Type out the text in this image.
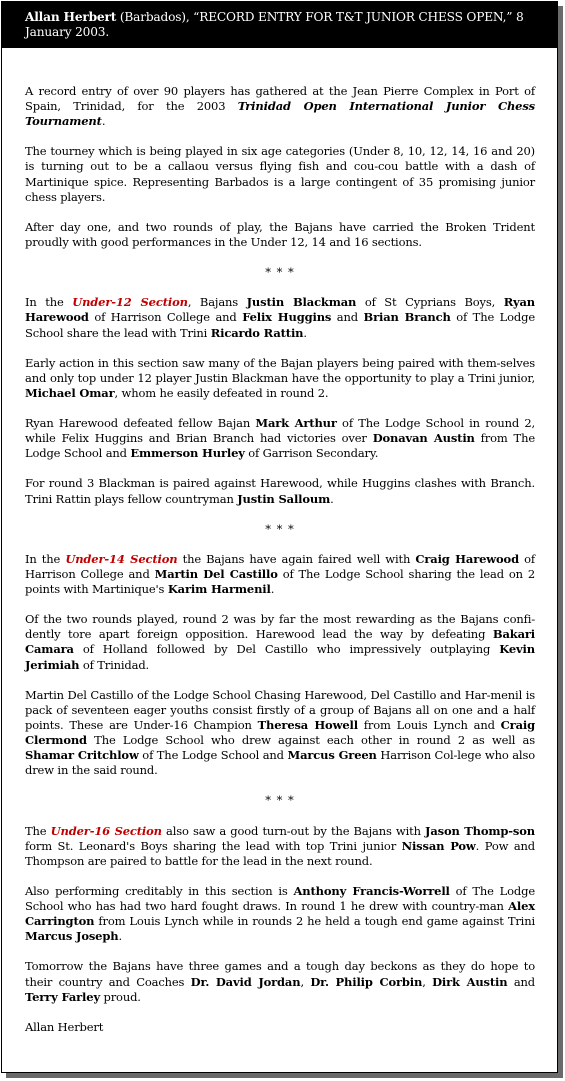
Allan Herbert (Barbados), “RECORD ENTRY FOR T&T JUNIOR CHESS OPEN,” 8 January 2003.

A record entry of over 90 players has gathered at the Jean Pierre Complex in Port of Spain, Trinidad, for the 2003 Trinidad Open International Junior Chess Tournament.

The tourney which is being played in six age categories (Under 8, 10, 12, 14, 16 and 20) is turning out to be a callaou versus flying fish and cou-cou battle with a dash of Martinique spice. Representing Barbados is a large contingent of 35 promising junior chess players.

After day one, and two rounds of play, the Bajans have carried the Broken Trident proudly with good performances in the Under 12, 14 and 16 sections.

* * *

In the Under-12 Section, Bajans Justin Blackman of St Cyprians Boys, Ryan Harewood of Harrison College and Felix Huggins and Brian Branch of The Lodge School share the lead with Trini Ricardo Rattin.

Early action in this section saw many of the Bajan players being paired with them-selves and only top under 12 player Justin Blackman have the opportunity to play a Trini junior, Michael Omar, whom he easily defeated in round 2.

Ryan Harewood defeated fellow Bajan Mark Arthur of The Lodge School in round 2, while Felix Huggins and Brian Branch had victories over Donavan Austin from The Lodge School and Emmerson Hurley of Garrison Secondary.

For round 3 Blackman is paired against Harewood, while Huggins clashes with Branch. Trini Rattin plays fellow countryman Justin Salloum.

* * *

In the Under-14 Section the Bajans have again faired well with Craig Harewood of Harrison College and Martin Del Castillo of The Lodge School sharing the lead on 2 points with Martinique's Karim Harmenil.

Of the two rounds played, round 2 was by far the most rewarding as the Bajans confi-dently tore apart foreign opposition. Harewood lead the way by defeating Bakari Camara of Holland followed by Del Castillo who impressively outplaying Kevin Jerimiah of Trinidad.

Martin Del Castillo of the Lodge School Chasing Harewood, Del Castillo and Har-menil is pack of seventeen eager youths consist firstly of a group of Bajans all on one and a half points. These are Under-16 Champion Theresa Howell from Louis Lynch and Craig Clermond The Lodge School who drew against each other in round 2 as well as Shamar Critchlow of The Lodge School and Marcus Green Harrison Col-lege who also drew in the said round.

* * *

The Under-16 Section also saw a good turn-out by the Bajans with Jason Thomp-son form St. Leonard's Boys sharing the lead with top Trini junior Nissan Pow. Pow and Thompson are paired to battle for the lead in the next round.

Also performing creditably in this section is Anthony Francis-Worrell of The Lodge School who has had two hard fought draws. In round 1 he drew with country-man Alex Carrington from Louis Lynch while in rounds 2 he held a tough end game against Trini Marcus Joseph.

Tomorrow the Bajans have three games and a tough day beckons as they do hope to their country and Coaches Dr. David Jordan, Dr. Philip Corbin, Dirk Austin and Terry Farley proud.

Allan Herbert
